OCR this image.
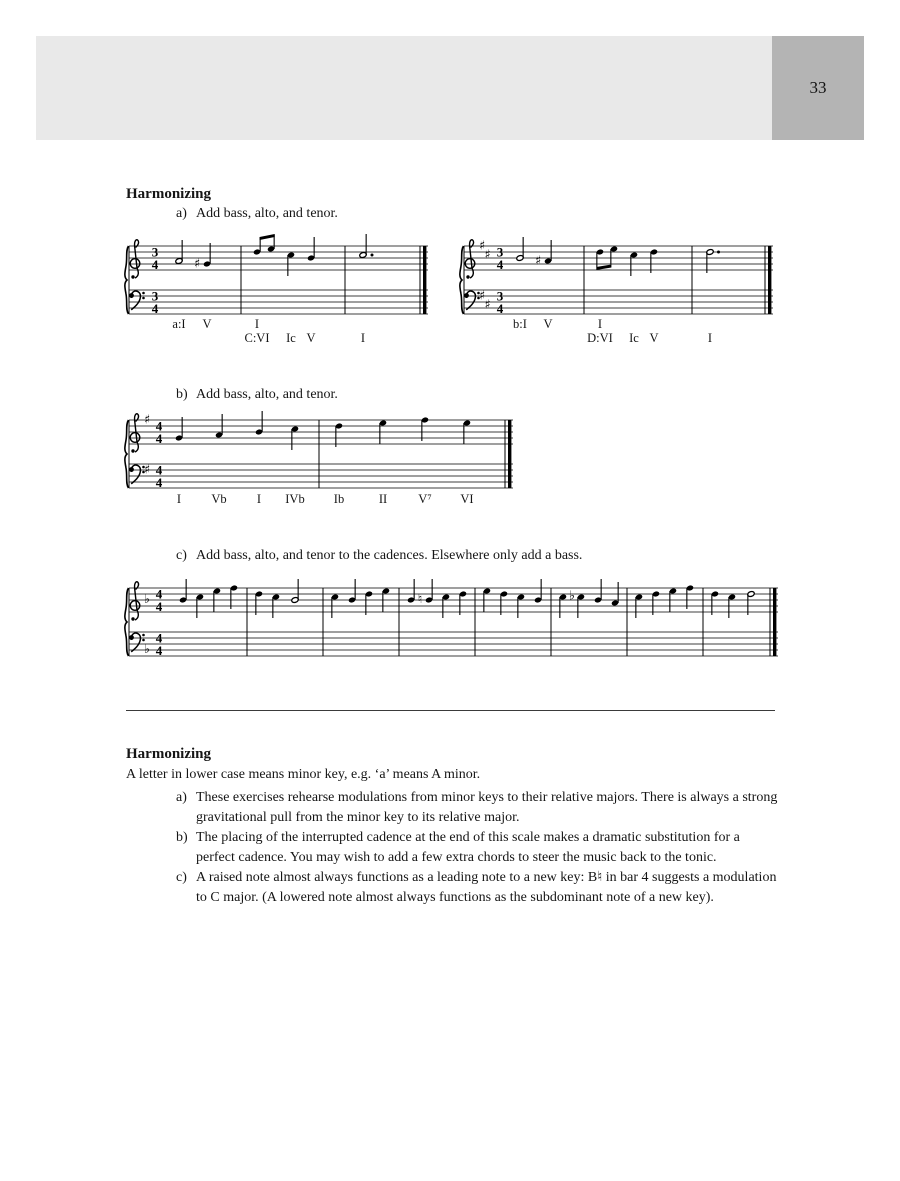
33
Harmonizing
a) Add bass, alto, and tenor.
3
4
3
4
♯
♯
♯
♯
♯
3
4
3
4
♯
a:I V	I
C:VI Ic V	I
b:I V	I
D:VI Ic V	I
b) Add bass, alto, and tenor.
♯
♯
4
4
4
4
I Vb I IVb Ib	II V⁷ VI
c) Add bass, alto, and tenor to the cadences. Elsewhere only add a bass.
♭
♭
4
4
4
4
♮	♭
Harmonizing
A letter in lower case means minor key, e.g. ‘a’ means A minor.
a) These exercises rehearse modulations from minor keys to their relative majors. There is always a strong gravitational pull from the minor key to its relative major.
b) The placing of the interrupted cadence at the end of this scale makes a dramatic substitution for a perfect cadence. You may wish to add a few extra chords to steer the music back to the tonic.
c) A raised note almost always functions as a leading note to a new key: B♮ in bar 4 suggests a modulation to C major. (A lowered note almost always functions as the subdominant note of a new key).
